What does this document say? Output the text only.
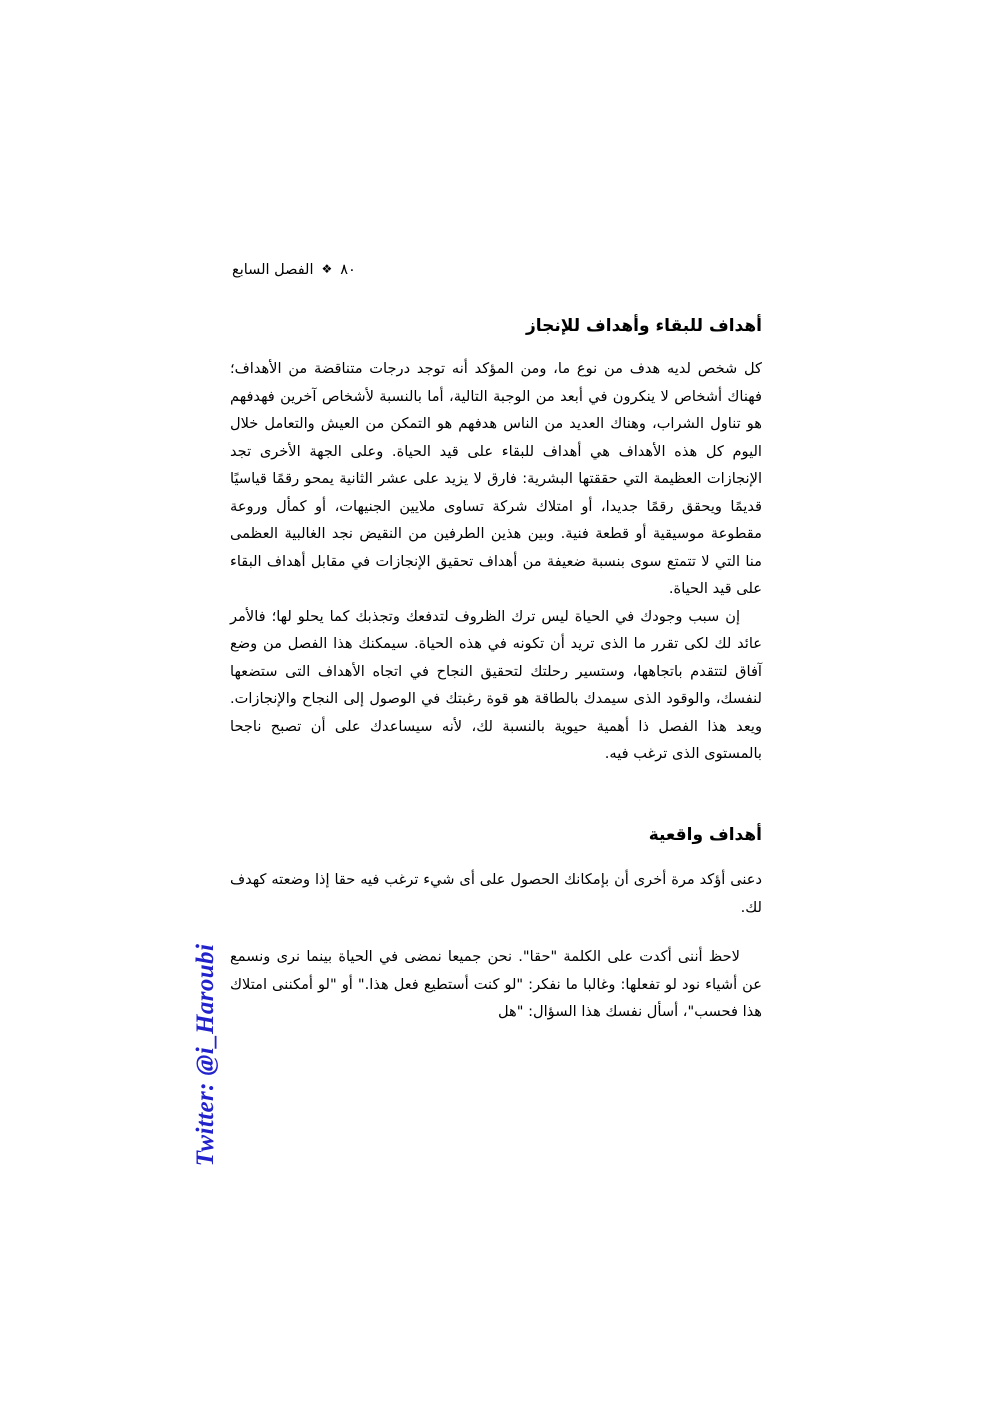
Twitter: @i_Haroubi
٨٠❖الفصل السابع
أهداف للبقاء وأهداف للإنجاز

كل شخص لديه هدف من نوع ما، ومن المؤكد أنه توجد درجات متناقضة من الأهداف؛ فهناك أشخاص لا ينكرون في أبعد من الوجبة التالية، أما بالنسبة لأشخاص آخرين فهدفهم هو تناول الشراب، وهناك العديد من الناس هدفهم هو التمكن من العيش والتعامل خلال اليوم كل هذه الأهداف هي أهداف للبقاء على قيد الحياة. وعلى الجهة الأخرى تجد الإنجازات العظيمة التي حققتها البشرية: فارق لا يزيد على عشر الثانية يمحو رقمًا قياسيًا قديمًا ويحقق رقمًا جديدا، أو امتلاك شركة تساوى ملايين الجنيهات، أو كمأل وروعة مقطوعة موسيقية أو قطعة فنية. وبين هذين الطرفين من النقيض نجد الغالبية العظمى منا التي لا تتمتع سوى بنسبة ضعيفة من أهداف تحقيق الإنجازات في مقابل أهداف البقاء على قيد الحياة.

إن سبب وجودك في الحياة ليس ترك الظروف لتدفعك وتجذبك كما يحلو لها؛ فالأمر عائد لك لكى تقرر ما الذى تريد أن تكونه في هذه الحياة. سيمكنك هذا الفصل من وضع آفاق لتتقدم باتجاهها، وستسير رحلتك لتحقيق النجاح في اتجاه الأهداف التى ستضعها لنفسك، والوقود الذى سيمدك بالطاقة هو قوة رغبتك في الوصول إلى النجاح والإنجازات. ويعد هذا الفصل ذا أهمية حيوية بالنسبة لك، لأنه سيساعدك على أن تصبح ناجحا بالمستوى الذى ترغب فيه.

أهداف واقعية

دعنى أؤكد مرة أخرى أن بإمكانك الحصول على أى شيء ترغب فيه حقا إذا وضعته كهدف لك.

لاحظ أننى أكدت على الكلمة "حقا". نحن جميعا نمضى في الحياة بينما نرى ونسمع عن أشياء نود لو تفعلها: وغالبا ما نفكر: "لو كنت أستطيع فعل هذا." أو "لو أمكننى امتلاك هذا فحسب"، أسأل نفسك هذا السؤال: "هل
